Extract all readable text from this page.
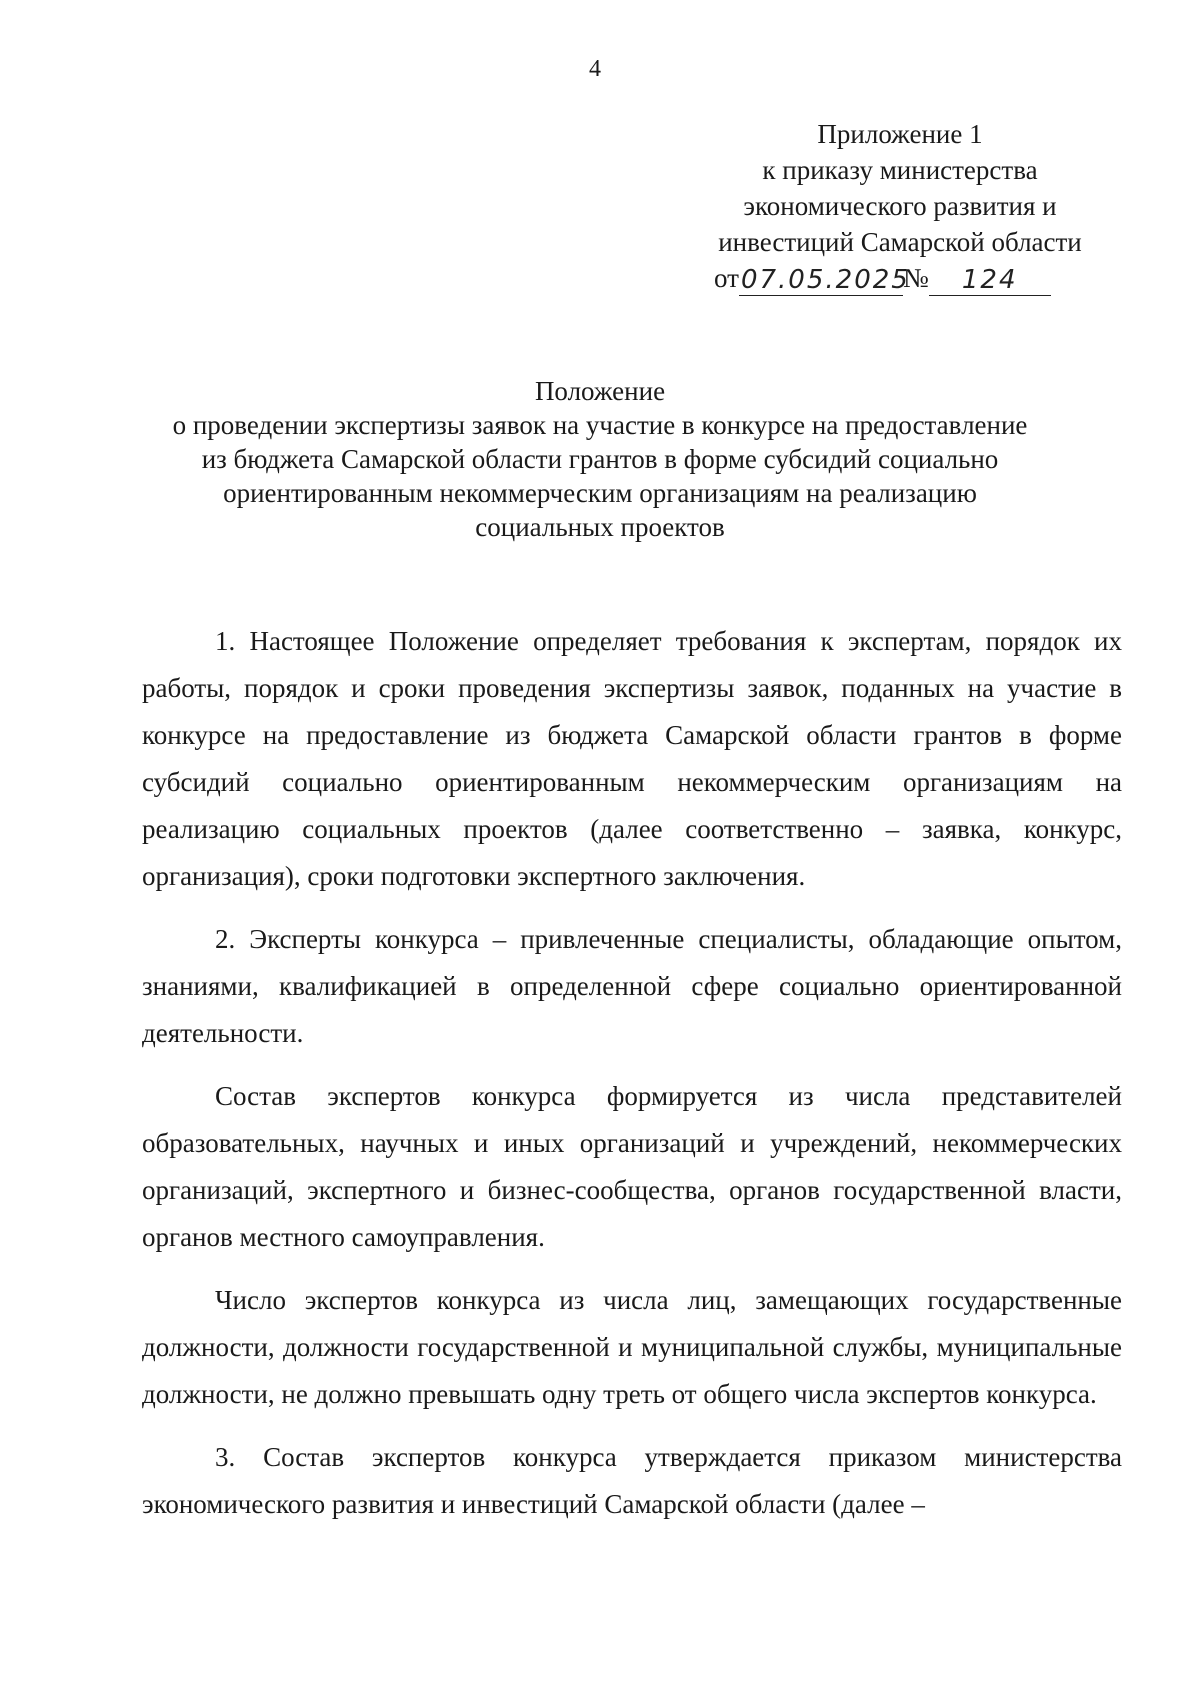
4
Приложение 1
к приказу министерства
экономического развития и
инвестиций Самарской области
от 07.05.2025
№	124
Положение
о проведении экспертизы заявок на участие в конкурсе на предоставление
из бюджета Самарской области грантов в форме субсидий социально
ориентированным некоммерческим организациям на реализацию
социальных проектов

1. Настоящее Положение определяет требования к экспертам, порядок их работы, порядок и сроки проведения экспертизы заявок, поданных на участие в конкурсе на предоставление из бюджета Самарской области грантов в форме субсидий социально ориентированным некоммерческим организациям на реализацию социальных проектов (далее соответственно – заявка, конкурс, организация), сроки подготовки экспертного заключения.

2. Эксперты конкурса – привлеченные специалисты, обладающие опытом, знаниями, квалификацией в определенной сфере социально ориентированной деятельности.

Состав экспертов конкурса формируется из числа представителей образовательных, научных и иных организаций и учреждений, некоммерческих организаций, экспертного и бизнес-сообщества, органов государственной власти, органов местного самоуправления.

Число экспертов конкурса из числа лиц, замещающих государственные должности, должности государственной и муниципальной службы, муниципальные должности, не должно превышать одну треть от общего числа экспертов конкурса.

3. Состав экспертов конкурса утверждается приказом министерства экономического развития и инвестиций Самарской области (далее –
